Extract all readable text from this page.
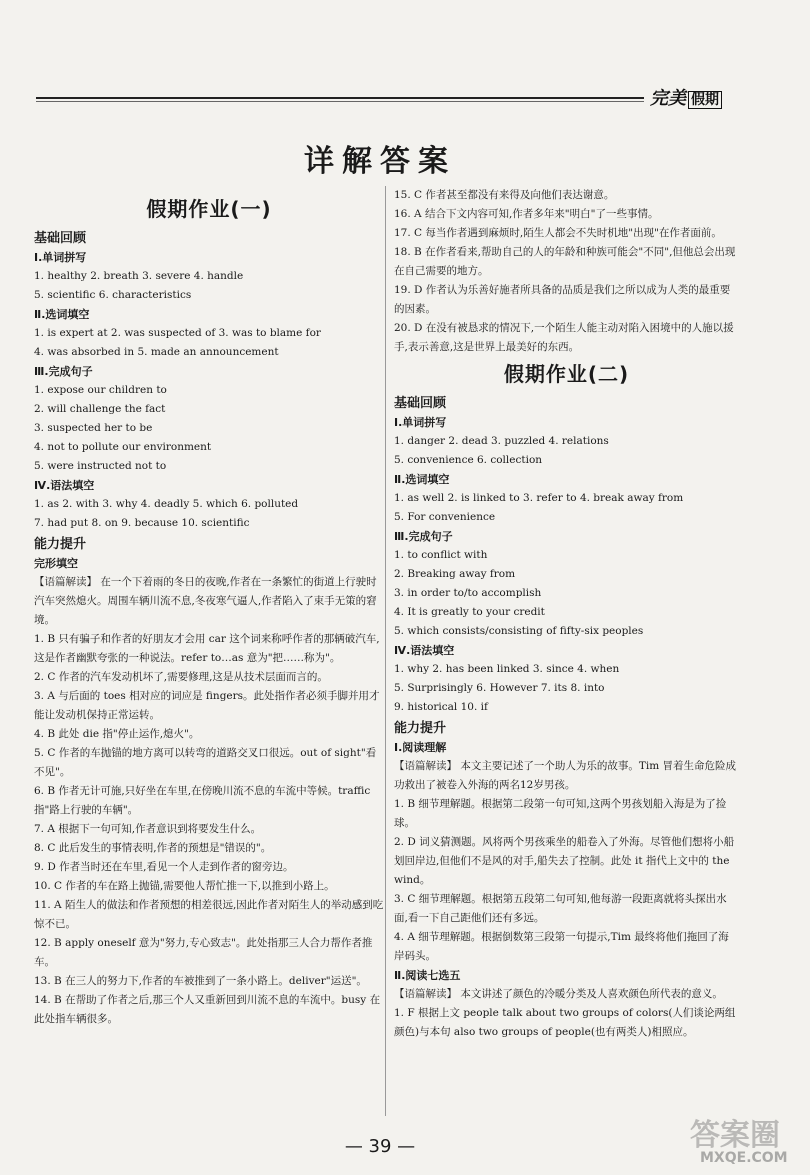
完美 假期
详解答案
假期作业(一)
基础回顾
Ⅰ.单词拼写
1. healthy 2. breath 3. severe 4. handle
5. scientific 6. characteristics
Ⅱ.选词填空
1. is expert at 2. was suspected of 3. was to blame for
4. was absorbed in 5. made an announcement
Ⅲ.完成句子
1. expose our children to
2. will challenge the fact
3. suspected her to be
4. not to pollute our environment
5. were instructed not to
Ⅳ.语法填空
1. as 2. with 3. why 4. deadly 5. which 6. polluted
7. had put 8. on 9. because 10. scientific
能力提升
完形填空
【语篇解读】 在一个下着雨的冬日的夜晚,作者在一条繁忙的街道上行驶时汽车突然熄火。周围车辆川流不息,冬夜寒气逼人,作者陷入了束手无策的窘境。
1. B 只有骗子和作者的好朋友才会用 car 这个词来称呼作者的那辆破汽车,这是作者幽默夸张的一种说法。refer to…as 意为"把……称为"。
2. C 作者的汽车发动机坏了,需要修理,这是从技术层面而言的。
3. A 与后面的 toes 相对应的词应是 fingers。此处指作者必须手脚并用才能让发动机保持正常运转。
4. B 此处 die 指"停止运作,熄火"。
5. C 作者的车抛锚的地方离可以转弯的道路交叉口很远。out of sight"看不见"。
6. B 作者无计可施,只好坐在车里,在傍晚川流不息的车流中等候。traffic 指"路上行驶的车辆"。
7. A 根据下一句可知,作者意识到将要发生什么。
8. C 此后发生的事情表明,作者的预想是"错误的"。
9. D 作者当时还在车里,看见一个人走到作者的窗旁边。
10. C 作者的车在路上抛锚,需要他人帮忙推一下,以推到小路上。
11. A 陌生人的做法和作者预想的相差很远,因此作者对陌生人的举动感到吃惊不已。
12. B apply oneself 意为"努力,专心致志"。此处指那三人合力帮作者推车。
13. B 在三人的努力下,作者的车被推到了一条小路上。deliver"运送"。
14. B 在帮助了作者之后,那三个人又重新回到川流不息的车流中。busy 在此处指车辆很多。
15. C 作者甚至都没有来得及向他们表达谢意。
16. A 结合下文内容可知,作者多年来"明白"了一些事情。
17. C 每当作者遇到麻烦时,陌生人都会不失时机地"出现"在作者面前。
18. B 在作者看来,帮助自己的人的年龄和种族可能会"不同",但他总会出现在自己需要的地方。
19. D 作者认为乐善好施者所具备的品质是我们之所以成为人类的最重要的因素。
20. D 在没有被恳求的情况下,一个陌生人能主动对陷入困境中的人施以援手,表示善意,这是世界上最美好的东西。
假期作业(二)
基础回顾
Ⅰ.单词拼写
1. danger 2. dead 3. puzzled 4. relations
5. convenience 6. collection
Ⅱ.选词填空
1. as well 2. is linked to 3. refer to 4. break away from
5. For convenience
Ⅲ.完成句子
1. to conflict with
2. Breaking away from
3. in order to/to accomplish
4. It is greatly to your credit
5. which consists/consisting of fifty-six peoples
Ⅳ.语法填空
1. why 2. has been linked 3. since 4. when
5. Surprisingly 6. However 7. its 8. into
9. historical 10. if
能力提升
Ⅰ.阅读理解
【语篇解读】 本文主要记述了一个助人为乐的故事。Tim 冒着生命危险成功救出了被卷入外海的两名12岁男孩。
1. B 细节理解题。根据第二段第一句可知,这两个男孩划船入海是为了捡球。
2. D 词义猜测题。风将两个男孩乘坐的船卷入了外海。尽管他们想将小船划回岸边,但他们不是风的对手,船失去了控制。此处 it 指代上文中的 the wind。
3. C 细节理解题。根据第五段第二句可知,他每游一段距离就将头探出水面,看一下自己距他们还有多远。
4. A 细节理解题。根据倒数第三段第一句提示,Tim 最终将他们拖回了海岸码头。
Ⅱ.阅读七选五
【语篇解读】 本文讲述了颜色的冷暖分类及人喜欢颜色所代表的意义。
1. F 根据上文 people talk about two groups of colors(人们谈论两组颜色)与本句 also two groups of people(也有两类人)相照应。
— 39 —	答案圈
MXQE.COM
